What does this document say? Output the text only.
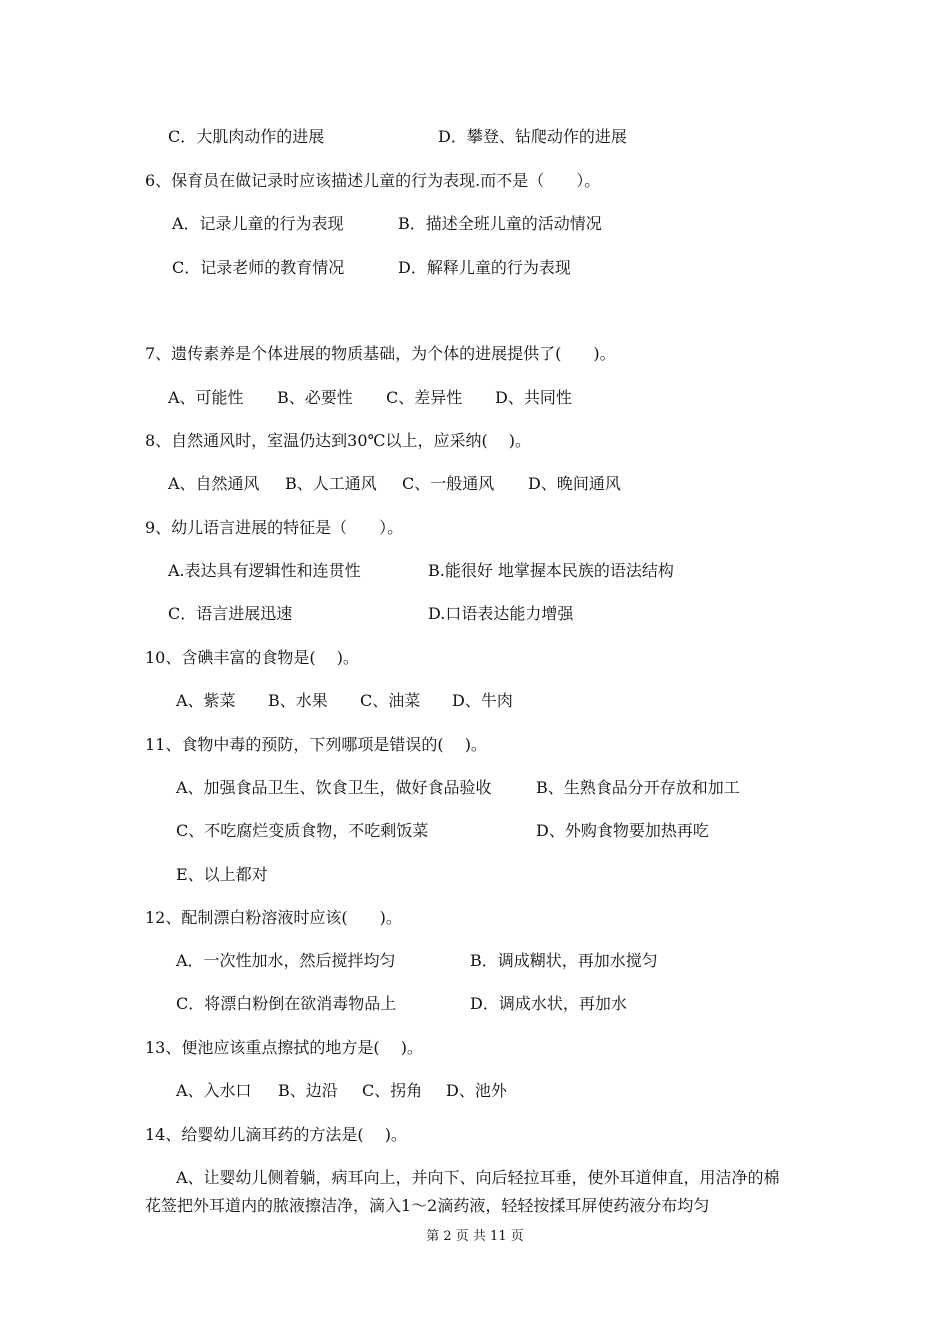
C．大肌肉动作的进展	D．攀登、钻爬动作的进展
6、保育员在做记录时应该描述儿童的行为表现.而不是（　　）。
A．记录儿童的行为表现	B．描述全班儿童的活动情况
C．记录老师的教育情况	D．解释儿童的行为表现
7、遗传素养是个体进展的物质基础，为个体的进展提供了(　　)。
A、可能性 B、必要性 C、差异性 D、共同性
8、自然通风时，室温仍达到30℃以上，应采纳(　 )。
A、自然通风 B、人工通风 C、一般通风 D、晚间通风
9、幼儿语言进展的特征是（　　）。
A.表达具有逻辑性和连贯性	B.能很好 地掌握本民族的语法结构
C．语言进展迅速	D.口语表达能力增强
10、含碘丰富的食物是(　 )。
A、紫菜 B、水果 C、油菜 D、牛肉
11、食物中毒的预防，下列哪项是错误的(　 )。
A、加强食品卫生、饮食卫生，做好食品验收	B、生熟食品分开存放和加工
C、不吃腐烂变质食物，不吃剩饭菜	D、外购食物要加热再吃
E、以上都对
12、配制漂白粉溶液时应该(　　)。
A．一次性加水，然后搅拌均匀	B．调成糊状，再加水搅匀
C．将漂白粉倒在欲消毒物品上	D．调成水状，再加水
13、便池应该重点擦拭的地方是(　 )。
A、入水口 B、边沿 C、拐角 D、池外
14、给婴幼儿滴耳药的方法是(　 )。
A、让婴幼儿侧着躺，病耳向上，并向下、向后轻拉耳垂，使外耳道伸直，用洁净的棉
花签把外耳道内的脓液擦洁净，滴入1～2滴药液，轻轻按揉耳屏使药液分布均匀
第 2 页 共 11 页
